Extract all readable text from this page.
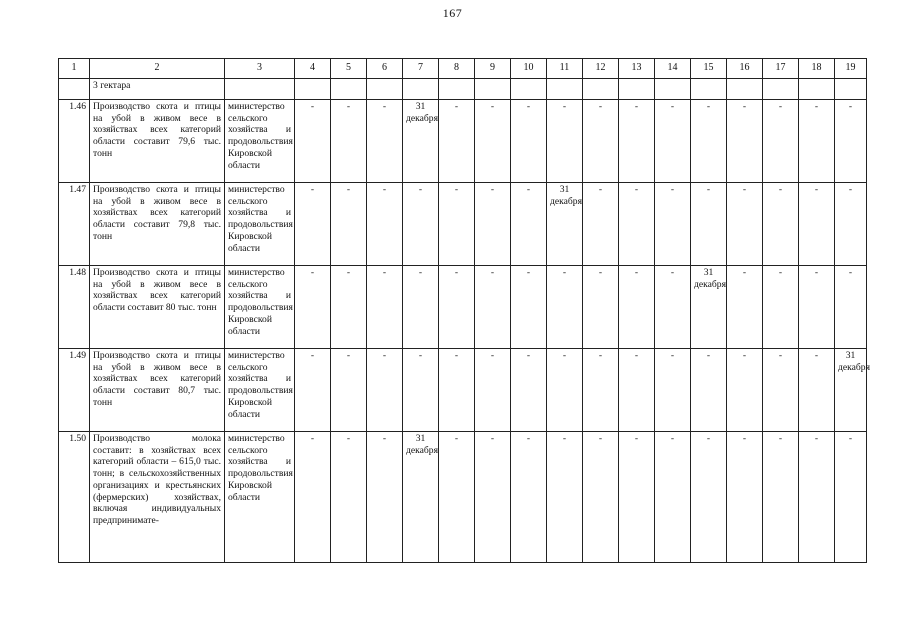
167
1	2	3	4	5	6	7	8	9	10	11	12	13	14	15	16	17	18	19
	3 гектара																	
1.46	Производство скота и птицы на убой в живом весе в хозяйствах всех категорий области составит 79,6 тыс. тонн	министерство сельского хозяйства и продовольствия Кировской области	-	-	-	31 декабря	-	-	-	-	-	-	-	-	-	-	-	-
1.47	Производство скота и птицы на убой в живом весе в хозяйствах всех категорий области составит 79,8 тыс. тонн	министерство сельского хозяйства и продовольствия Кировской области	-	-	-	-	-	-	-	31 декабря	-	-	-	-	-	-	-	-
1.48	Производство скота и птицы на убой в живом весе в хозяйствах всех категорий области составит 80 тыс. тонн	министерство сельского хозяйства и продовольствия Кировской области	-	-	-	-	-	-	-	-	-	-	-	31 декабря	-	-	-	-
1.49	Производство скота и птицы на убой в живом весе в хозяйствах всех категорий области составит 80,7 тыс. тонн	министерство сельского хозяйства и продовольствия Кировской области	-	-	-	-	-	-	-	-	-	-	-	-	-	-	-	31 декабря

1.50	Производство молока составит: в хозяйствах всех категорий области – 615,0 тыс. тонн; в сельскохозяйственных организациях и крестьянских (фермерских) хозяйствах, включая индивидуальных предпринимате-	министерство сельского хозяйства и продовольствия Кировской области	-	-	-	31 декабря	-	-	-	-	-	-	-	-	-	-	-	-
